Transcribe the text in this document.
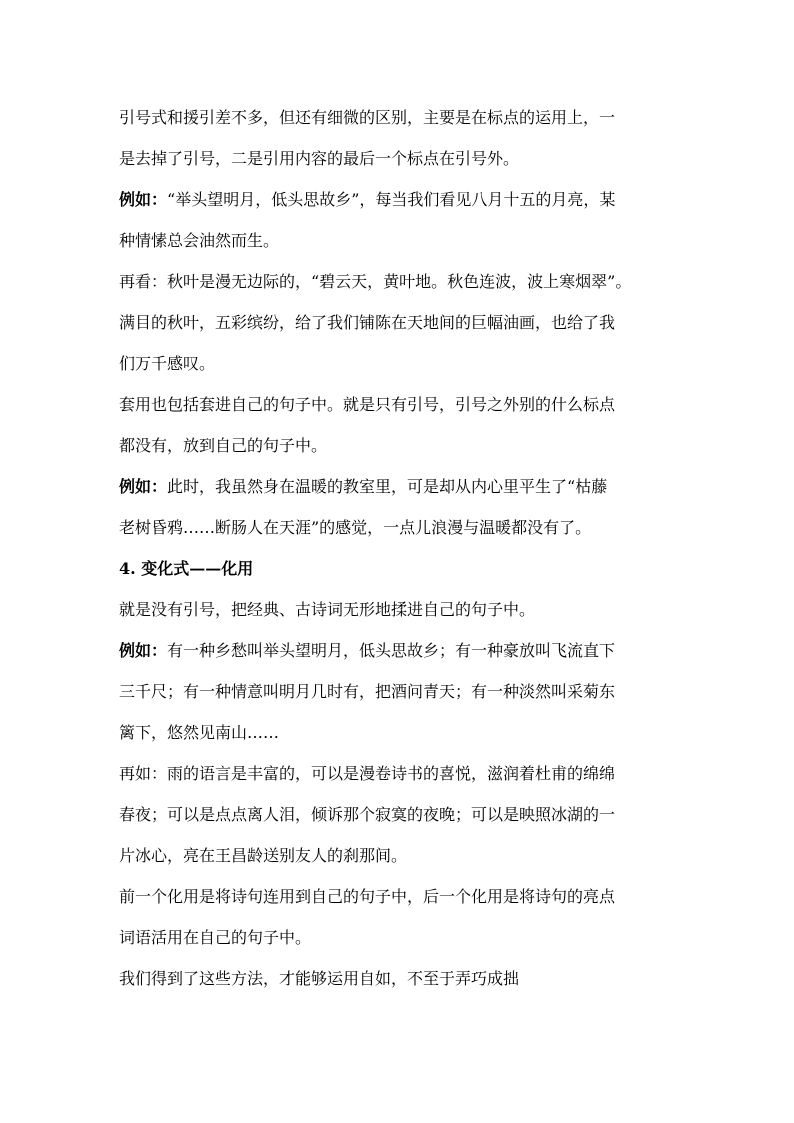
引号式和援引差不多，但还有细微的区别，主要是在标点的运用上，一
是去掉了引号，二是引用内容的最后一个标点在引号外。
例如：“举头望明月，低头思故乡”，每当我们看见八月十五的月亮，某
种情愫总会油然而生。
再看：秋叶是漫无边际的，“碧云天，黄叶地。秋色连波，波上寒烟翠”。
满目的秋叶，五彩缤纷，给了我们铺陈在天地间的巨幅油画，也给了我
们万千感叹。
套用也包括套进自己的句子中。就是只有引号，引号之外别的什么标点
都没有，放到自己的句子中。
例如：此时，我虽然身在温暖的教室里，可是却从内心里平生了“枯藤
老树昏鸦……断肠人在天涯”的感觉，一点儿浪漫与温暖都没有了。
4. 变化式——化用
就是没有引号，把经典、古诗词无形地揉进自己的句子中。
例如：有一种乡愁叫举头望明月，低头思故乡；有一种豪放叫飞流直下
三千尺；有一种情意叫明月几时有，把酒问青天；有一种淡然叫采菊东
篱下，悠然见南山……
再如：雨的语言是丰富的，可以是漫卷诗书的喜悦，滋润着杜甫的绵绵
春夜；可以是点点离人泪，倾诉那个寂寞的夜晚；可以是映照冰湖的一
片冰心，亮在王昌龄送别友人的刹那间。
前一个化用是将诗句连用到自己的句子中，后一个化用是将诗句的亮点
词语活用在自己的句子中。
我们得到了这些方法，才能够运用自如，不至于弄巧成拙
